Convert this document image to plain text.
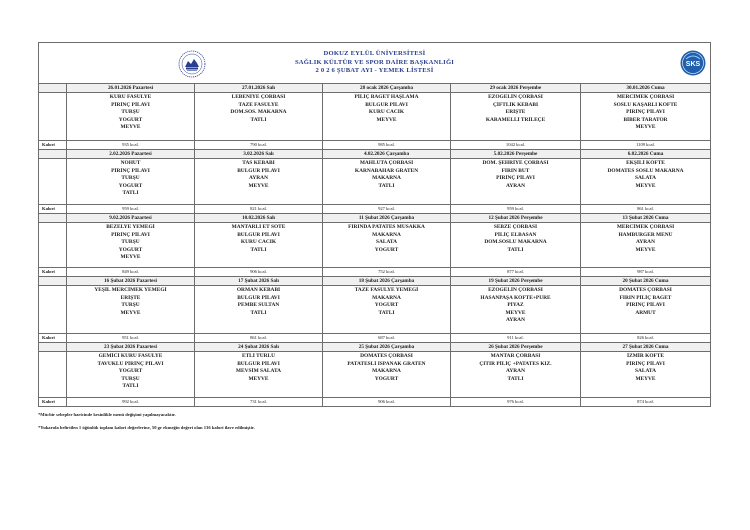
DOKUZ EYLÜL ÜNİVERSİTESİ
SAĞLIK KÜLTÜR VE SPOR DAİRE BAŞKANLIĞI
2 0 2 6 ŞUBAT AYI - YEMEK LİSTESİ
SKS					

	26.01.2026 Pazartesi	27.01.2026 Salı	28 ocak 2026 Çarşamba	29 ocak 2026 Perşembe	30.01.2026 Cuma

	KURU FASULYE
PİRİNÇ PİLAVI
TURŞU
YOĞURT
MEYVE	LEBENİYE ÇORBASI
TAZE FASULYE
DOM.SOS. MAKARNA
TATLI	PİLİÇ BAGET HAŞLAMA
BULGUR PİLAVI
KURU CACIK
MEYVE	EZOGELİN ÇORBASI
ÇİFTLİK KEBABI
ERİŞTE
KARAMELLİ TRİLEÇE	MERCİMEK ÇORBASI
SOSLU KAŞARLI KÖFTE
PİRİNÇ PİLAVI
BİBER TARATOR
MEYVE

Kalori	935 kcal.	790 kcal.	985 kcal.	1042 kcal.	1109 kcal.
	2.02.2026 Pazartesi	3.02.2026 Salı	4.02.2026 Çarşamba	5.02.2026 Perşembe	6.02.2026 Cuma

	NOHUT
PİRİNÇ PİLAVI
TURŞU
YOĞURT
TATLI	TAS KEBABI
BULGUR PİLAVI
AYRAN
MEYVE	MAHLUTA ÇORBASI
KARNABAHAR GRATEN
MAKARNA
TATLI	DOM. ŞEHRİYE ÇORBASI
FIRIN BUT
PİRİNÇ PİLAVI
AYRAN	EKŞİLİ KÖFTE
DOMATES SOSLU MAKARNA
SALATA
MEYVE

Kalori	959 kcal.	821 kcal.	927 kcal.	959 kcal.	861 kcal.
	9.02.2026 Pazartesi	10.02.2026 Salı	11 Şubat 2026 Çarşamba	12 Şubat 2026 Perşembe	13 Şubat 2026 Cuma

	BEZELYE YEMEĞİ
PİRİNÇ PİLAVI
TURŞU
YOĞURT
MEYVE	MANTARLI ET SOTE
BULGUR PİLAVI
KURU CACIK
TATLI	FIRINDA PATATES MUSAKKA
MAKARNA
SALATA
YOĞURT	SEBZE ÇORBASI
PİLİÇ ELBASAN
DOM.SOSLU MAKARNA
TATLI	MERCİMEK ÇORBASI
HAMBURGER MENÜ
AYRAN
MEYVE

Kalori	849 kcal.	906 kcal.	752 kcal.	877 kcal.	987 kcal.
	16 Şubat 2026 Pazartesi	17 Şubat 2026 Salı	18 Şubat 2026 Çarşamba	19 Şubat 2026 Perşembe	20 Şubat 2026 Cuma

	YEŞİL MERCİMEK YEMEĞİ
ERİŞTE
TURŞU
MEYVE	ORMAN KEBABI
BULGUR PİLAVI
PEMBE SULTAN
TATLI	TAZE FASULYE YEMEĞİ
MAKARNA
YOĞURT
TATLI	EZOGELİN ÇORBASI
HASANPAŞA KÖFTE+PÜRE
PİYAZ
MEYVE
AYRAN	DOMATES ÇORBASI
FIRIN PİLİÇ BAGET
PİRİNÇ PİLAVI
ARMUT

Kalori	951 kcal.	861 kcal.	687 kcal.	911 kcal.	826 kcal.
	23 Şubat 2026 Pazartesi	24 Şubat 2026 Salı	25 Şubat 2026 Çarşamba	26 Şubat 2026 Perşembe	27 Şubat 2026 Cuma

	GEMİCİ KURU FASULYE
TAVUKLU PİRİNÇ PİLAVI
YOĞURT
TURŞU
TATLI	ETLİ TÜRLÜ
BULGUR PİLAVI
MEVSİM SALATA
MEYVE	DOMATES ÇORBASI
PATATESLİ ISPANAK GRATEN
MAKARNA
YOĞURT	MANTAR ÇORBASI
ÇITIR PİLİÇ +PATATES KIZ.
AYRAN
TATLI	İZMİR KÖFTE
PİRİNÇ PİLAVI
SALATA
MEYVE

Kalori	992 kcal.	731 kcal.	906 kcal.	976 kcal.	874 kcal.
*Mücbir sebepler haricinde kesinlikle menü değişimi yapılmayacaktır.
*Yukarıda belirtilen 1 öğünlük toplam kalori değerlerine, 50 gr ekmeğin değeri olan 136 kalori ilave edilmiştir.
